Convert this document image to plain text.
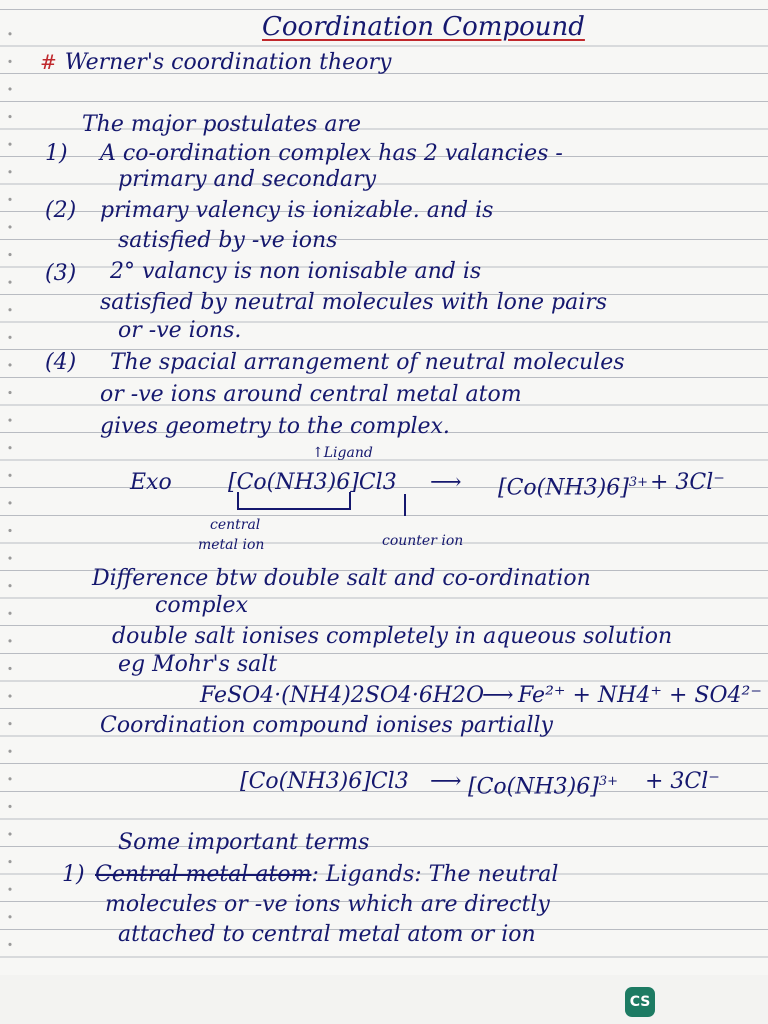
Coordination Compound
# Werner's coordination theory
The major postulates are
1) A co-ordination complex has 2 valancies -
primary and secondary
(2) primary valency is ionizable. and is
satisfied by -ve ions
(3) 2° valancy is non ionisable and is
satisfied by neutral molecules with lone pairs
or -ve ions.
(4) The spacial arrangement of neutral molecules
or -ve ions around central metal atom
gives geometry to the complex.
↑Ligand
Exo	[Co(NH3)6]Cl3 ⟶ $[Co(NH3)6]^{3+} + 3Cl^-$
central
metal ion	counter ion
Difference btw double salt and co-ordination
complex
double salt ionises completely in aqueous solution
eg Mohr's salt
FeSO4·(NH4)2SO4·6H2O
⟶ Fe²⁺ + NH4⁺ + SO4²⁻
Coordination compound ionises partially
[Co(NH3)6]Cl3 ⟶ $[Co(NH3)6]^{3+} + 3Cl^-$
Some important terms
1) Central metal atom: Ligands: The neutral
molecules or -ve ions which are directly
attached to central metal atom or ion
CS
